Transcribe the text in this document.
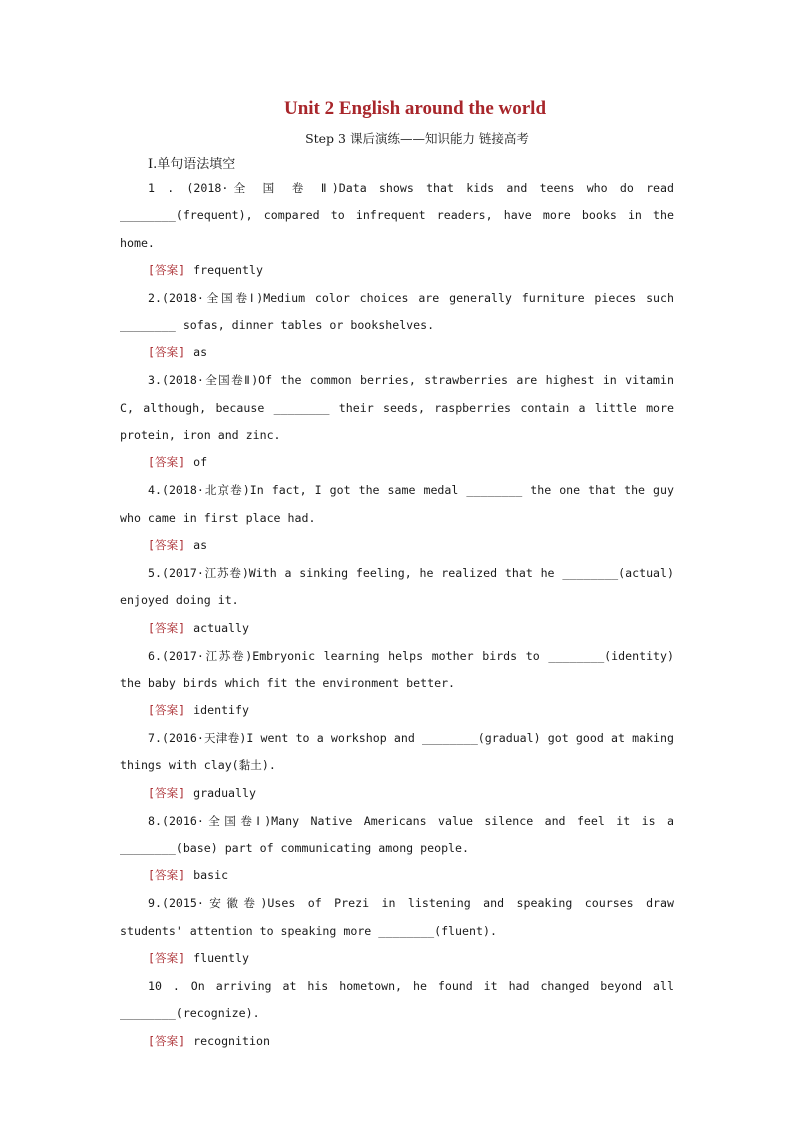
Unit 2 English around the world
Step 3 课后演练——知识能力 链接高考
Ⅰ.单句语法填空
1 . (2018·全 国 卷 Ⅱ)Data shows that kids and teens who do read ________(frequent), compared to infrequent readers, have more books in the home.
[答案] frequently
2.(2018·全国卷Ⅰ)Medium color choices are generally furniture pieces such ________ sofas, dinner tables or bookshelves.
[答案] as
3.(2018·全国卷Ⅱ)Of the common berries, strawberries are highest in vitamin C, although, because ________ their seeds, raspberries contain a little more protein, iron and zinc.
[答案] of
4.(2018·北京卷)In fact, I got the same medal ________ the one that the guy who came in first place had.
[答案] as
5.(2017·江苏卷)With a sinking feeling, he realized that he ________(actual) enjoyed doing it.
[答案] actually
6.(2017·江苏卷)Embryonic learning helps mother birds to ________(identity) the baby birds which fit the environment better.
[答案] identify
7.(2016·天津卷)I went to a workshop and ________(gradual) got good at making things with clay(黏土).
[答案] gradually
8.(2016·全国卷Ⅰ)Many Native Americans value silence and feel it is a ________(base) part of communicating among people.
[答案] basic
9.(2015·安徽卷)Uses of Prezi in listening and speaking courses draw students' attention to speaking more ________(fluent).
[答案] fluently
10 . On arriving at his hometown, he found it had changed beyond all ________(recognize).
[答案] recognition
